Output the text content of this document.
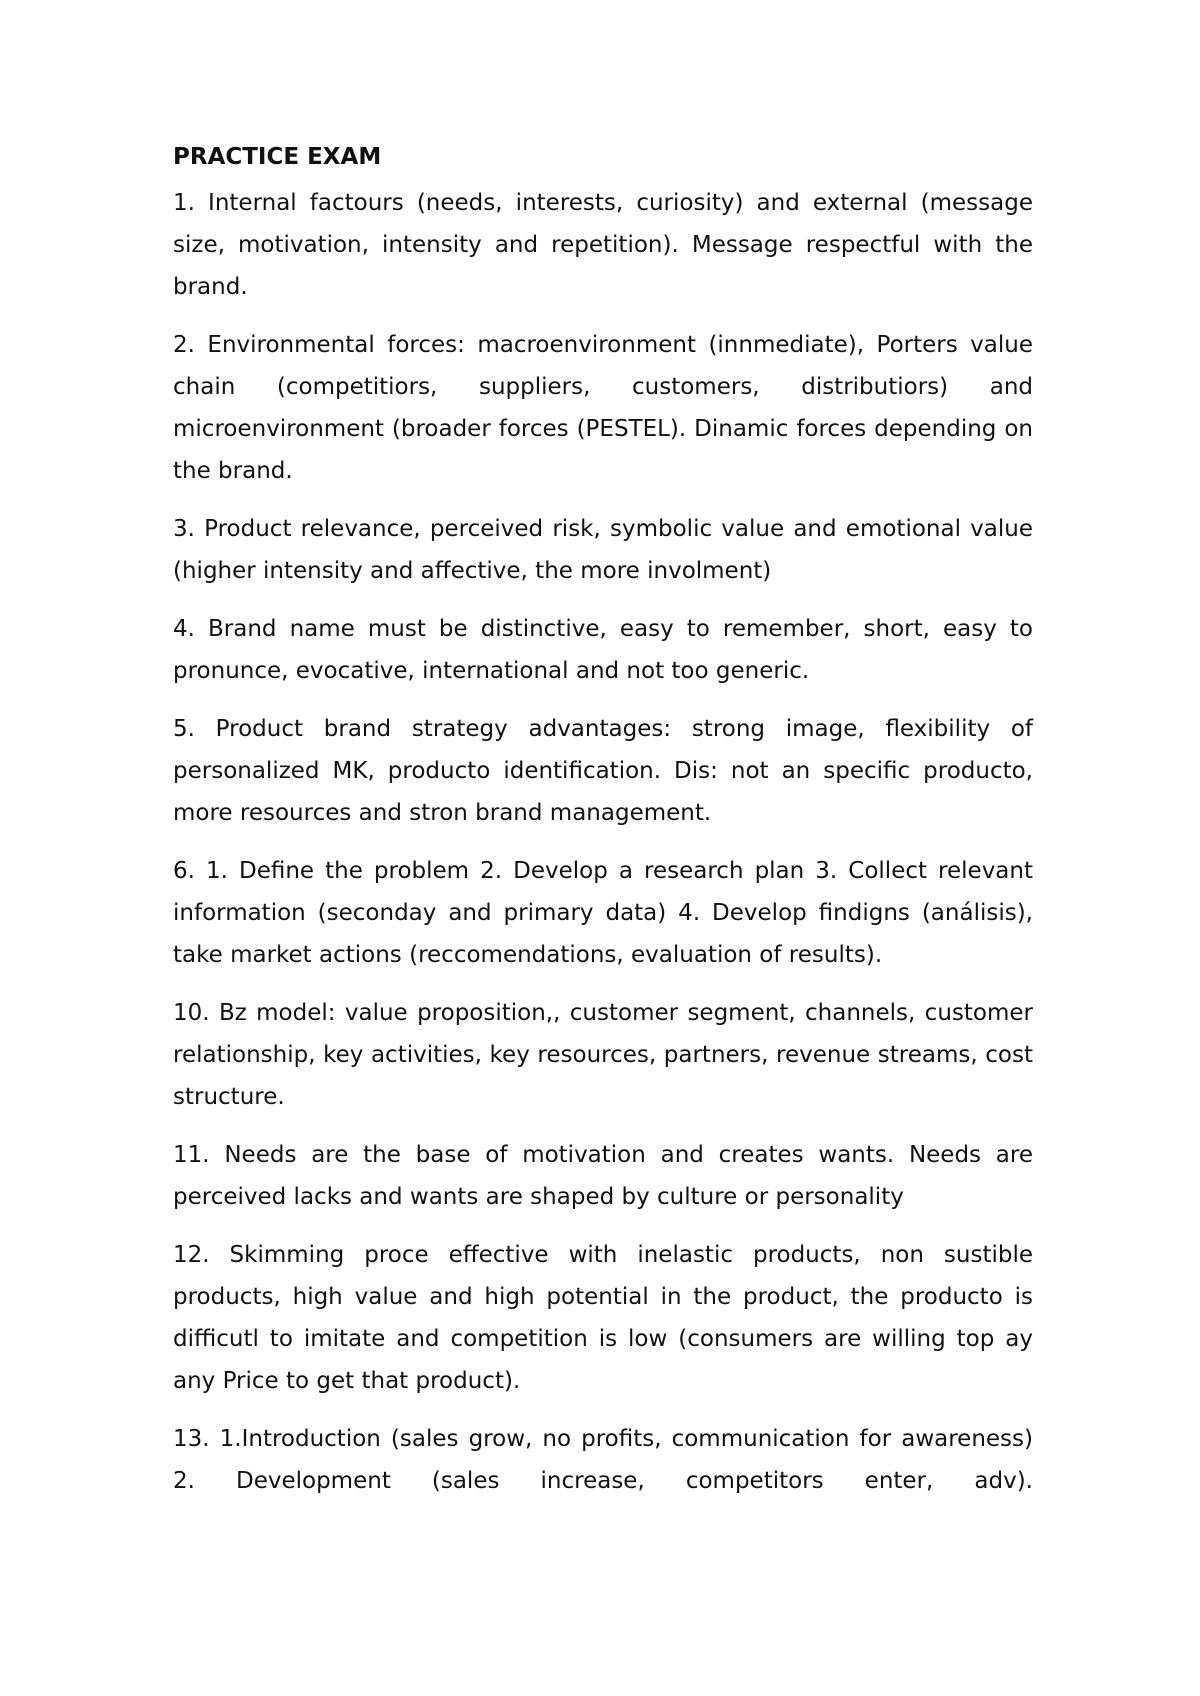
PRACTICE EXAM

1. Internal factours (needs, interests, curiosity) and external (message size, motivation, intensity and repetition). Message respectful with the brand.

2. Environmental forces: macroenvironment (innmediate), Porters value chain (competitiors, suppliers, customers, distributiors) and microenvironment (broader forces (PESTEL). Dinamic forces depending on the brand.

3. Product relevance, perceived risk, symbolic value and emotional value (higher intensity and affective, the more involment)

4. Brand name must be distinctive, easy to remember, short, easy to pronunce, evocative, international and not too generic.

5. Product brand strategy advantages: strong image, flexibility of personalized MK, producto identification. Dis: not an specific producto, more resources and stron brand management.

6. 1. Define the problem 2. Develop a research plan 3. Collect relevant information (seconday and primary data) 4. Develop findigns (análisis), take market actions (reccomendations, evaluation of results).

10. Bz model: value proposition,, customer segment, channels, customer relationship, key activities, key resources, partners, revenue streams, cost structure.

11. Needs are the base of motivation and creates wants. Needs are perceived lacks and wants are shaped by culture or personality

12. Skimming proce effective with inelastic products, non sustible products, high value and high potential in the product, the producto is difficutl to imitate and competition is low (consumers are willing top ay any Price to get that product).

13. 1.Introduction (sales grow, no profits, communication for awareness) 2. Development (sales increase, competitors enter, adv).
